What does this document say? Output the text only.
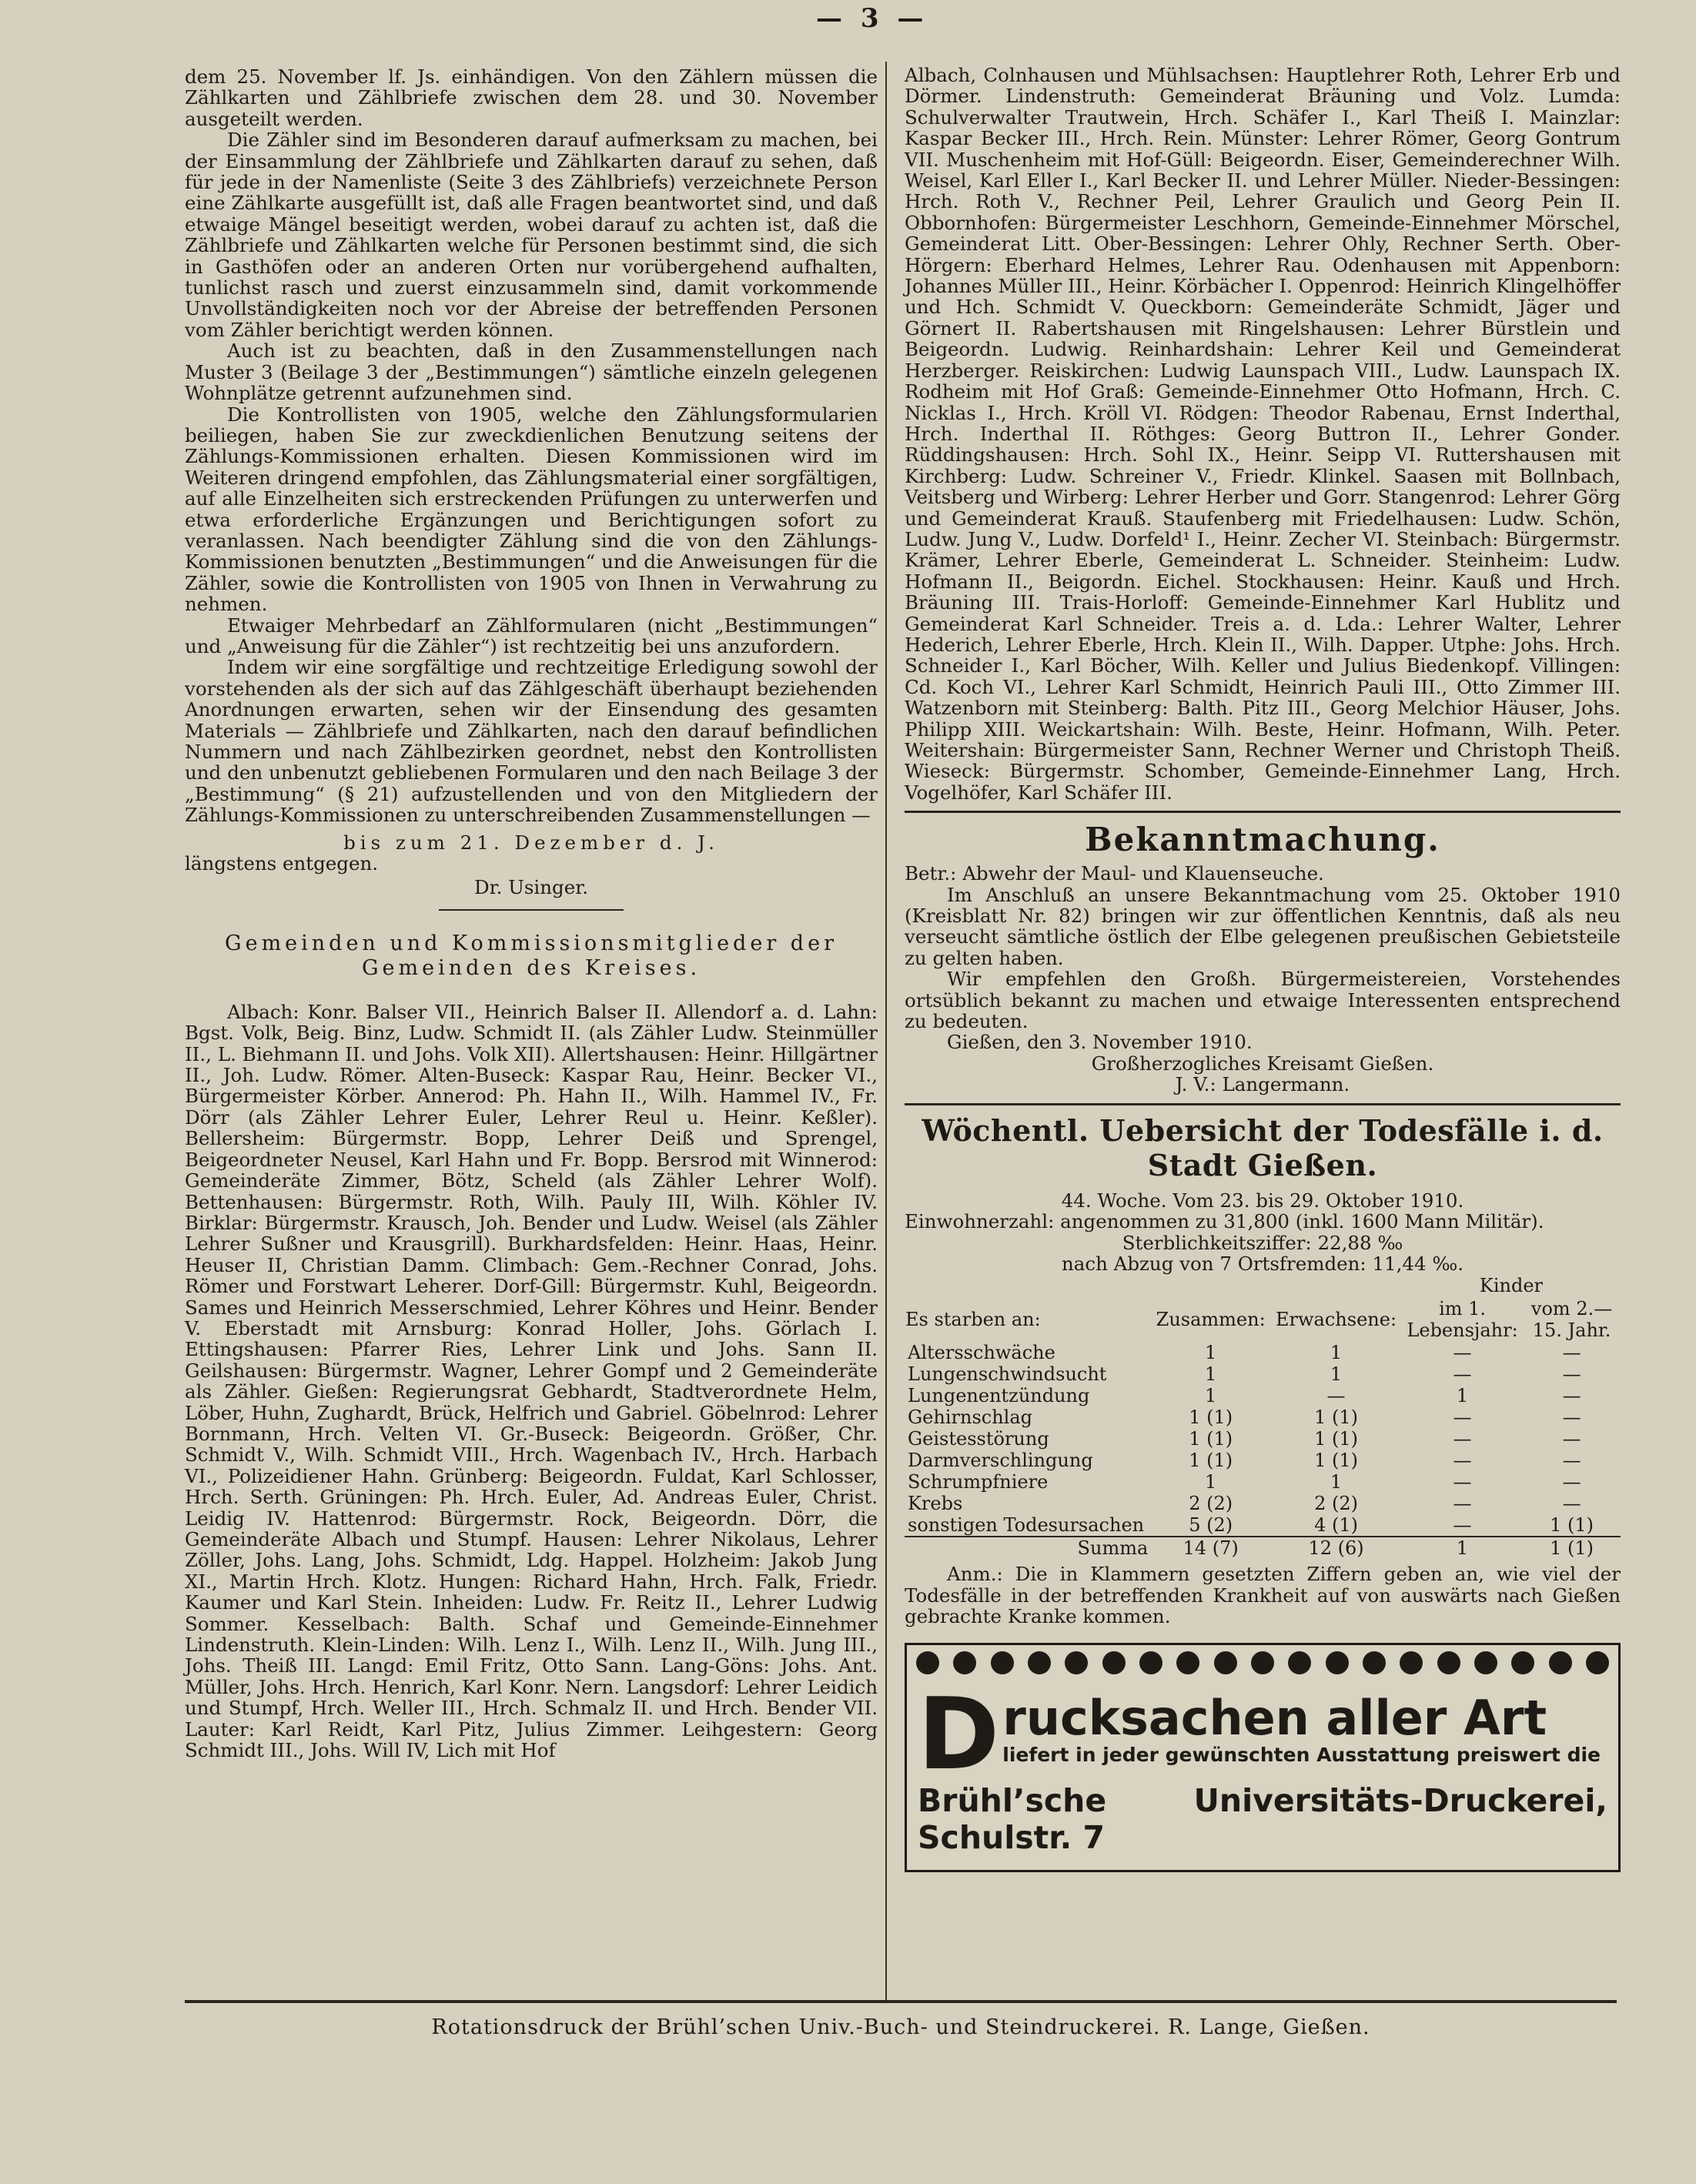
— 3 —

dem 25. November lf. Js. einhändigen. Von den Zählern müssen die Zählkarten und Zählbriefe zwischen dem 28. und 30. November ausgeteilt werden.

Die Zähler sind im Besonderen darauf aufmerksam zu machen, bei der Einsammlung der Zählbriefe und Zählkarten darauf zu sehen, daß für jede in der Namenliste (Seite 3 des Zählbriefs) verzeichnete Person eine Zählkarte ausgefüllt ist, daß alle Fragen beantwortet sind, und daß etwaige Mängel beseitigt werden, wobei darauf zu achten ist, daß die Zählbriefe und Zählkarten welche für Personen bestimmt sind, die sich in Gasthöfen oder an anderen Orten nur vorübergehend aufhalten, tunlichst rasch und zuerst einzusammeln sind, damit vorkommende Unvollständigkeiten noch vor der Abreise der betreffenden Personen vom Zähler berichtigt werden können.

Auch ist zu beachten, daß in den Zusammenstellungen nach Muster 3 (Beilage 3 der „Bestimmungen“) sämtliche einzeln gelegenen Wohnplätze getrennt aufzunehmen sind.

Die Kontrollisten von 1905, welche den Zählungsformularien beiliegen, haben Sie zur zweckdienlichen Benutzung seitens der Zählungs-Kommissionen erhalten. Diesen Kommissionen wird im Weiteren dringend empfohlen, das Zählungsmaterial einer sorgfältigen, auf alle Einzelheiten sich erstreckenden Prüfungen zu unterwerfen und etwa erforderliche Ergänzungen und Berichtigungen sofort zu veranlassen. Nach beendigter Zählung sind die von den Zählungs-Kommissionen benutzten „Bestimmungen“ und die Anweisungen für die Zähler, sowie die Kontrollisten von 1905 von Ihnen in Verwahrung zu nehmen.

Etwaiger Mehrbedarf an Zählformularen (nicht „Bestimmungen“ und „Anweisung für die Zähler“) ist rechtzeitig bei uns anzufordern.

Indem wir eine sorgfältige und rechtzeitige Erledigung sowohl der vorstehenden als der sich auf das Zählgeschäft überhaupt beziehenden Anordnungen erwarten, sehen wir der Einsendung des gesamten Materials — Zählbriefe und Zählkarten, nach den darauf befindlichen Nummern und nach Zählbezirken geordnet, nebst den Kontrollisten und den unbenutzt gebliebenen Formularen und den nach Beilage 3 der „Bestimmung“ (§ 21) aufzustellenden und von den Mitgliedern der Zählungs-Kommissionen zu unterschreibenden Zusammenstellungen —

bis zum 21. Dezember d. J.

längstens entgegen.

Dr. Usinger.

Gemeinden und Kommissionsmitglieder der Gemeinden des Kreises.

Albach: Konr. Balser VII., Heinrich Balser II. Allendorf a. d. Lahn: Bgst. Volk, Beig. Binz, Ludw. Schmidt II. (als Zähler Ludw. Steinmüller II., L. Biehmann II. und Johs. Volk XII). Allertshausen: Heinr. Hillgärtner II., Joh. Ludw. Römer. Alten-Buseck: Kaspar Rau, Heinr. Becker VI., Bürgermeister Körber. Annerod: Ph. Hahn II., Wilh. Hammel IV., Fr. Dörr (als Zähler Lehrer Euler, Lehrer Reul u. Heinr. Keßler). Bellersheim: Bürgermstr. Bopp, Lehrer Deiß und Sprengel, Beigeordneter Neusel, Karl Hahn und Fr. Bopp. Bersrod mit Winnerod: Gemeinderäte Zimmer, Bötz, Scheld (als Zähler Lehrer Wolf). Bettenhausen: Bürgermstr. Roth, Wilh. Pauly III, Wilh. Köhler IV. Birklar: Bürgermstr. Krausch, Joh. Bender und Ludw. Weisel (als Zähler Lehrer Sußner und Krausgrill). Burkhardsfelden: Heinr. Haas, Heinr. Heuser II, Christian Damm. Climbach: Gem.-Rechner Conrad, Johs. Römer und Forstwart Leherer. Dorf-Gill: Bürgermstr. Kuhl, Beigeordn. Sames und Heinrich Messerschmied, Lehrer Köhres und Heinr. Bender V. Eberstadt mit Arnsburg: Konrad Holler, Johs. Görlach I. Ettingshausen: Pfarrer Ries, Lehrer Link und Johs. Sann II. Geilshausen: Bürgermstr. Wagner, Lehrer Gompf und 2 Gemeinderäte als Zähler. Gießen: Regierungsrat Gebhardt, Stadtverordnete Helm, Löber, Huhn, Zughardt, Brück, Helfrich und Gabriel. Göbelnrod: Lehrer Bornmann, Hrch. Velten VI. Gr.-Buseck: Beigeordn. Größer, Chr. Schmidt V., Wilh. Schmidt VIII., Hrch. Wagenbach IV., Hrch. Harbach VI., Polizeidiener Hahn. Grünberg: Beigeordn. Fuldat, Karl Schlosser, Hrch. Serth. Grüningen: Ph. Hrch. Euler, Ad. Andreas Euler, Christ. Leidig IV. Hattenrod: Bürgermstr. Rock, Beigeordn. Dörr, die Gemeinderäte Albach und Stumpf. Hausen: Lehrer Nikolaus, Lehrer Zöller, Johs. Lang, Johs. Schmidt, Ldg. Happel. Holzheim: Jakob Jung XI., Martin Hrch. Klotz. Hungen: Richard Hahn, Hrch. Falk, Friedr. Kaumer und Karl Stein. Inheiden: Ludw. Fr. Reitz II., Lehrer Ludwig Sommer. Kesselbach: Balth. Schaf und Gemeinde-Einnehmer Lindenstruth. Klein-Linden: Wilh. Lenz I., Wilh. Lenz II., Wilh. Jung III., Johs. Theiß III. Langd: Emil Fritz, Otto Sann. Lang-Göns: Johs. Ant. Müller, Johs. Hrch. Henrich, Karl Konr. Nern. Langsdorf: Lehrer Leidich und Stumpf, Hrch. Weller III., Hrch. Schmalz II. und Hrch. Bender VII. Lauter: Karl Reidt, Karl Pitz, Julius Zimmer. Leihgestern: Georg Schmidt III., Johs. Will IV, Lich mit Hof

Albach, Colnhausen und Mühlsachsen: Hauptlehrer Roth, Lehrer Erb und Dörmer. Lindenstruth: Gemeinderat Bräuning und Volz. Lumda: Schulverwalter Trautwein, Hrch. Schäfer I., Karl Theiß I. Mainzlar: Kaspar Becker III., Hrch. Rein. Münster: Lehrer Römer, Georg Gontrum VII. Muschenheim mit Hof-Güll: Beigeordn. Eiser, Gemeinderechner Wilh. Weisel, Karl Eller I., Karl Becker II. und Lehrer Müller. Nieder-Bessingen: Hrch. Roth V., Rechner Peil, Lehrer Graulich und Georg Pein II. Obbornhofen: Bürgermeister Leschhorn, Gemeinde-Einnehmer Mörschel, Gemeinderat Litt. Ober-Bessingen: Lehrer Ohly, Rechner Serth. Ober-Hörgern: Eberhard Helmes, Lehrer Rau. Odenhausen mit Appenborn: Johannes Müller III., Heinr. Körbächer I. Oppenrod: Heinrich Klingelhöffer und Hch. Schmidt V. Queckborn: Gemeinderäte Schmidt, Jäger und Görnert II. Rabertshausen mit Ringelshausen: Lehrer Bürstlein und Beigeordn. Ludwig. Reinhardshain: Lehrer Keil und Gemeinderat Herzberger. Reiskirchen: Ludwig Launspach VIII., Ludw. Launspach IX. Rodheim mit Hof Graß: Gemeinde-Einnehmer Otto Hofmann, Hrch. C. Nicklas I., Hrch. Kröll VI. Rödgen: Theodor Rabenau, Ernst Inderthal, Hrch. Inderthal II. Röthges: Georg Buttron II., Lehrer Gonder. Rüddingshausen: Hrch. Sohl IX., Heinr. Seipp VI. Ruttershausen mit Kirchberg: Ludw. Schreiner V., Friedr. Klinkel. Saasen mit Bollnbach, Veitsberg und Wirberg: Lehrer Herber und Gorr. Stangenrod: Lehrer Görg und Gemeinderat Krauß. Staufenberg mit Friedelhausen: Ludw. Schön, Ludw. Jung V., Ludw. Dorfeld¹ I., Heinr. Zecher VI. Steinbach: Bürgermstr. Krämer, Lehrer Eberle, Gemeinderat L. Schneider. Steinheim: Ludw. Hofmann II., Beigordn. Eichel. Stockhausen: Heinr. Kauß und Hrch. Bräuning III. Trais-Horloff: Gemeinde-Einnehmer Karl Hublitz und Gemeinderat Karl Schneider. Treis a. d. Lda.: Lehrer Walter, Lehrer Hederich, Lehrer Eberle, Hrch. Klein II., Wilh. Dapper. Utphe: Johs. Hrch. Schneider I., Karl Böcher, Wilh. Keller und Julius Biedenkopf. Villingen: Cd. Koch VI., Lehrer Karl Schmidt, Heinrich Pauli III., Otto Zimmer III. Watzenborn mit Steinberg: Balth. Pitz III., Georg Melchior Häuser, Johs. Philipp XIII. Weickartshain: Wilh. Beste, Heinr. Hofmann, Wilh. Peter. Weitershain: Bürgermeister Sann, Rechner Werner und Christoph Theiß. Wieseck: Bürgermstr. Schomber, Gemeinde-Einnehmer Lang, Hrch. Vogelhöfer, Karl Schäfer III.

Bekanntmachung.

Betr.: Abwehr der Maul- und Klauenseuche.

Im Anschluß an unsere Bekanntmachung vom 25. Oktober 1910 (Kreisblatt Nr. 82) bringen wir zur öffentlichen Kenntnis, daß als neu verseucht sämtliche östlich der Elbe gelegenen preußischen Gebietsteile zu gelten haben.

Wir empfehlen den Großh. Bürgermeistereien, Vorstehendes ortsüblich bekannt zu machen und etwaige Interessenten entsprechend zu bedeuten.

Gießen, den 3. November 1910.

Großherzogliches Kreisamt Gießen.

J. V.: Langermann.

Wöchentl. Uebersicht der Todesfälle i. d. Stadt Gießen.

44. Woche. Vom 23. bis 29. Oktober 1910.

Einwohnerzahl: angenommen zu 31,800 (inkl. 1600 Mann Militär).

Sterblichkeitsziffer: 22,88 ‰

nach Abzug von 7 Ortsfremden: 11,44 ‰.

			Kinder	
Es starben an:	Zusammen:	Erwachsene:	im 1. Lebensjahr:	vom 2.—15. Jahr.
Altersschwäche	1	1	—	—
Lungenschwindsucht	1	1	—	—
Lungenentzündung	1	—	1	—
Gehirnschlag	1 (1)	1 (1)	—	—
Geistesstörung	1 (1)	1 (1)	—	—
Darmverschlingung	1 (1)	1 (1)	—	—
Schrumpfniere	1	1	—	—
Krebs	2 (2)	2 (2)	—	—
sonstigen Todesursachen	5 (2)	4 (1)	—	1 (1)
Summa	14 (7)	12 (6)	1	1 (1)

Anm.: Die in Klammern gesetzten Ziffern geben an, wie viel der Todesfälle in der betreffenden Krankheit auf von auswärts nach Gießen gebrachte Kranke kommen.

D rucksachen aller Art
liefert in jeder gewünschten Ausstattung preiswert die
Brühl’sche Universitäts-Druckerei, Schulstr. 7
Rotationsdruck der Brühl’schen Univ.-Buch- und Steindruckerei. R. Lange, Gießen.
